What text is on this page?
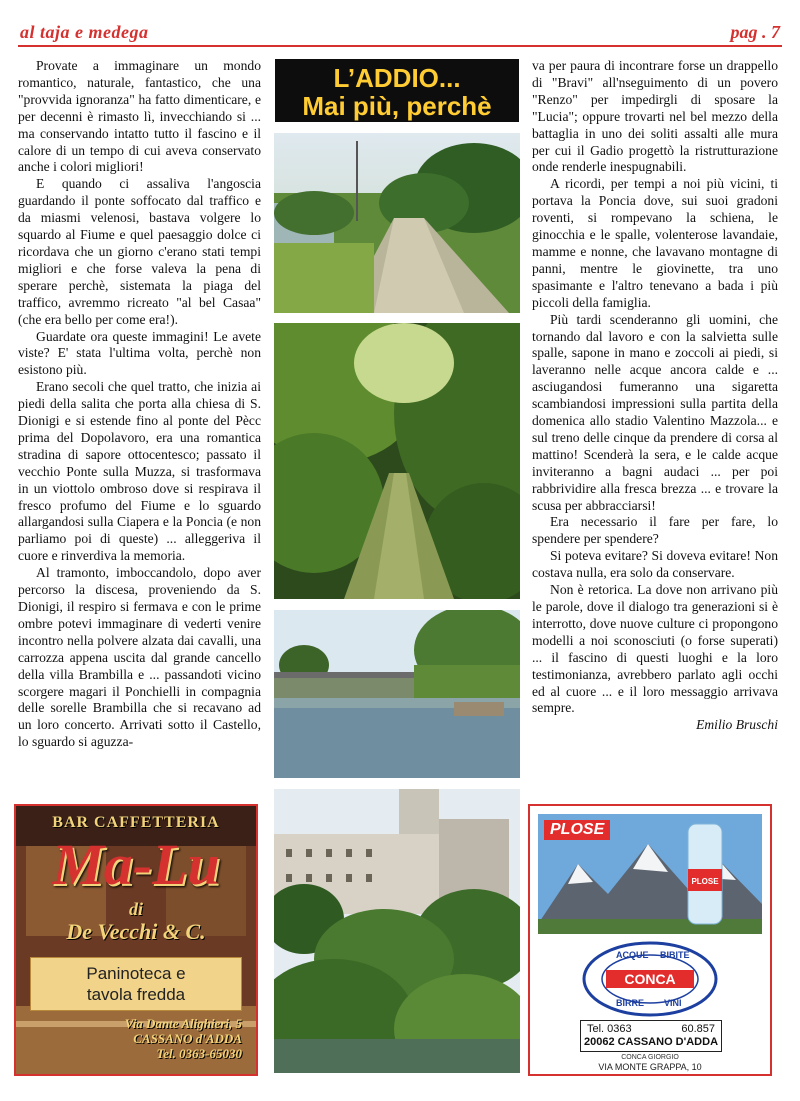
al taja e medega	pag . 7

Provate a immaginare un mondo romantico, naturale, fantastico, che una "provvida ignoranza" ha fatto dimenticare, e per decenni è rimasto lì, invecchiando si ... ma conservando intatto tutto il fascino e il calore di un tempo di cui aveva conservato anche i colori migliori!

E quando ci assaliva l'angoscia guardando il ponte soffocato dal traffico e da miasmi velenosi, bastava volgere lo squardo al Fiume e quel paesaggio dolce ci ricordava che un giorno c'erano stati tempi migliori e che forse valeva la pena di sperare perchè, sistemata la piaga del traffico, avremmo ricreato "al bel Casaa" (che era bello per come era!).

Guardate ora queste immagini! Le avete viste? E' stata l'ultima volta, perchè non esistono più.

Erano secoli che quel tratto, che inizia ai piedi della salita che porta alla chiesa di S. Dionigi e si estende fino al ponte del Pècc prima del Dopolavoro, era una romantica stradina di sapore ottocentesco; passato il vecchio Ponte sulla Muzza, si trasformava in un viottolo ombroso dove si respirava il fresco profumo del Fiume e lo sguardo allargandosi sulla Ciapera e la Poncia (e non parliamo poi di queste) ... alleggeriva il cuore e rinverdiva la memoria.

Al tramonto, imboccandolo, dopo aver percorso la discesa, proveniendo da S. Dionigi, il respiro si fermava e con le prime ombre potevi immaginare di vederti venire incontro nella polvere alzata dai cavalli, una carrozza appena uscita dal grande cancello della villa Brambilla e ... passandoti vicino scorgere magari il Ponchielli in compagnia delle sorelle Brambilla che si recavano ad un loro concerto. Arrivati sotto il Castello, lo sguardo si aguzza-

L’ADDIO...
Mai più, perchè

va per paura di incontrare forse un drappello di "Bravi" all'nseguimento di un povero "Renzo" per impedirgli di sposare la "Lucia"; oppure trovarti nel bel mezzo della battaglia in uno dei soliti assalti alle mura per cui il Gadio progettò la ristrutturazione onde renderle inespugnabili.

A ricordi, per tempi a noi più vicini, ti portava la Poncia dove, sui suoi gradoni roventi, si rompevano la schiena, le ginocchia e le spalle, volenterose lavandaie, mamme e nonne, che lavavano montagne di panni, mentre le giovinette, tra uno spasimante e l'altro tenevano a bada i più piccoli della famiglia.

Più tardi scenderanno gli uomini, che tornando dal lavoro e con la salvietta sulle spalle, sapone in mano e zoccoli ai piedi, si laveranno nelle acque ancora calde e ... asciugandosi fumeranno una sigaretta scambiandosi impressioni sulla partita della domenica allo stadio Valentino Mazzola... e sul treno delle cinque da prendere di corsa al mattino! Scenderà la sera, e le calde acque inviteranno a bagni audaci ... per poi rabbrividire alla fresca brezza ... e trovare la scusa per abbracciarsi!

Era necessario il fare per fare, lo spendere per spendere?

Si poteva evitare? Si doveva evitare! Non costava nulla, era solo da conservare.

Non è retorica. La dove non arrivano più le parole, dove il dialogo tra generazioni si è interrotto, dove nuove culture ci propongono modelli a noi sconosciuti (o forse superati) ... il fascino di questi luoghi e la loro testimonianza, avrebbero parlato agli occhi ed al cuore ... e il loro messaggio arrivava sempre.

Emilio Bruschi

BAR CAFFETTERIA
Ma-Lu
di
De Vecchi & C.
Paninoteca e
tavola fredda
Via Dante Alighieri, 5
CASSANO d'ADDA
Tel. 0363-65030
PLOSE
PLOSE
CONCA
ACQUE BIBITE
BIRRE VINI
Tel. 0363	60.857
20062 CASSANO D'ADDA
CONCA GIORGIO
VIA MONTE GRAPPA, 10
